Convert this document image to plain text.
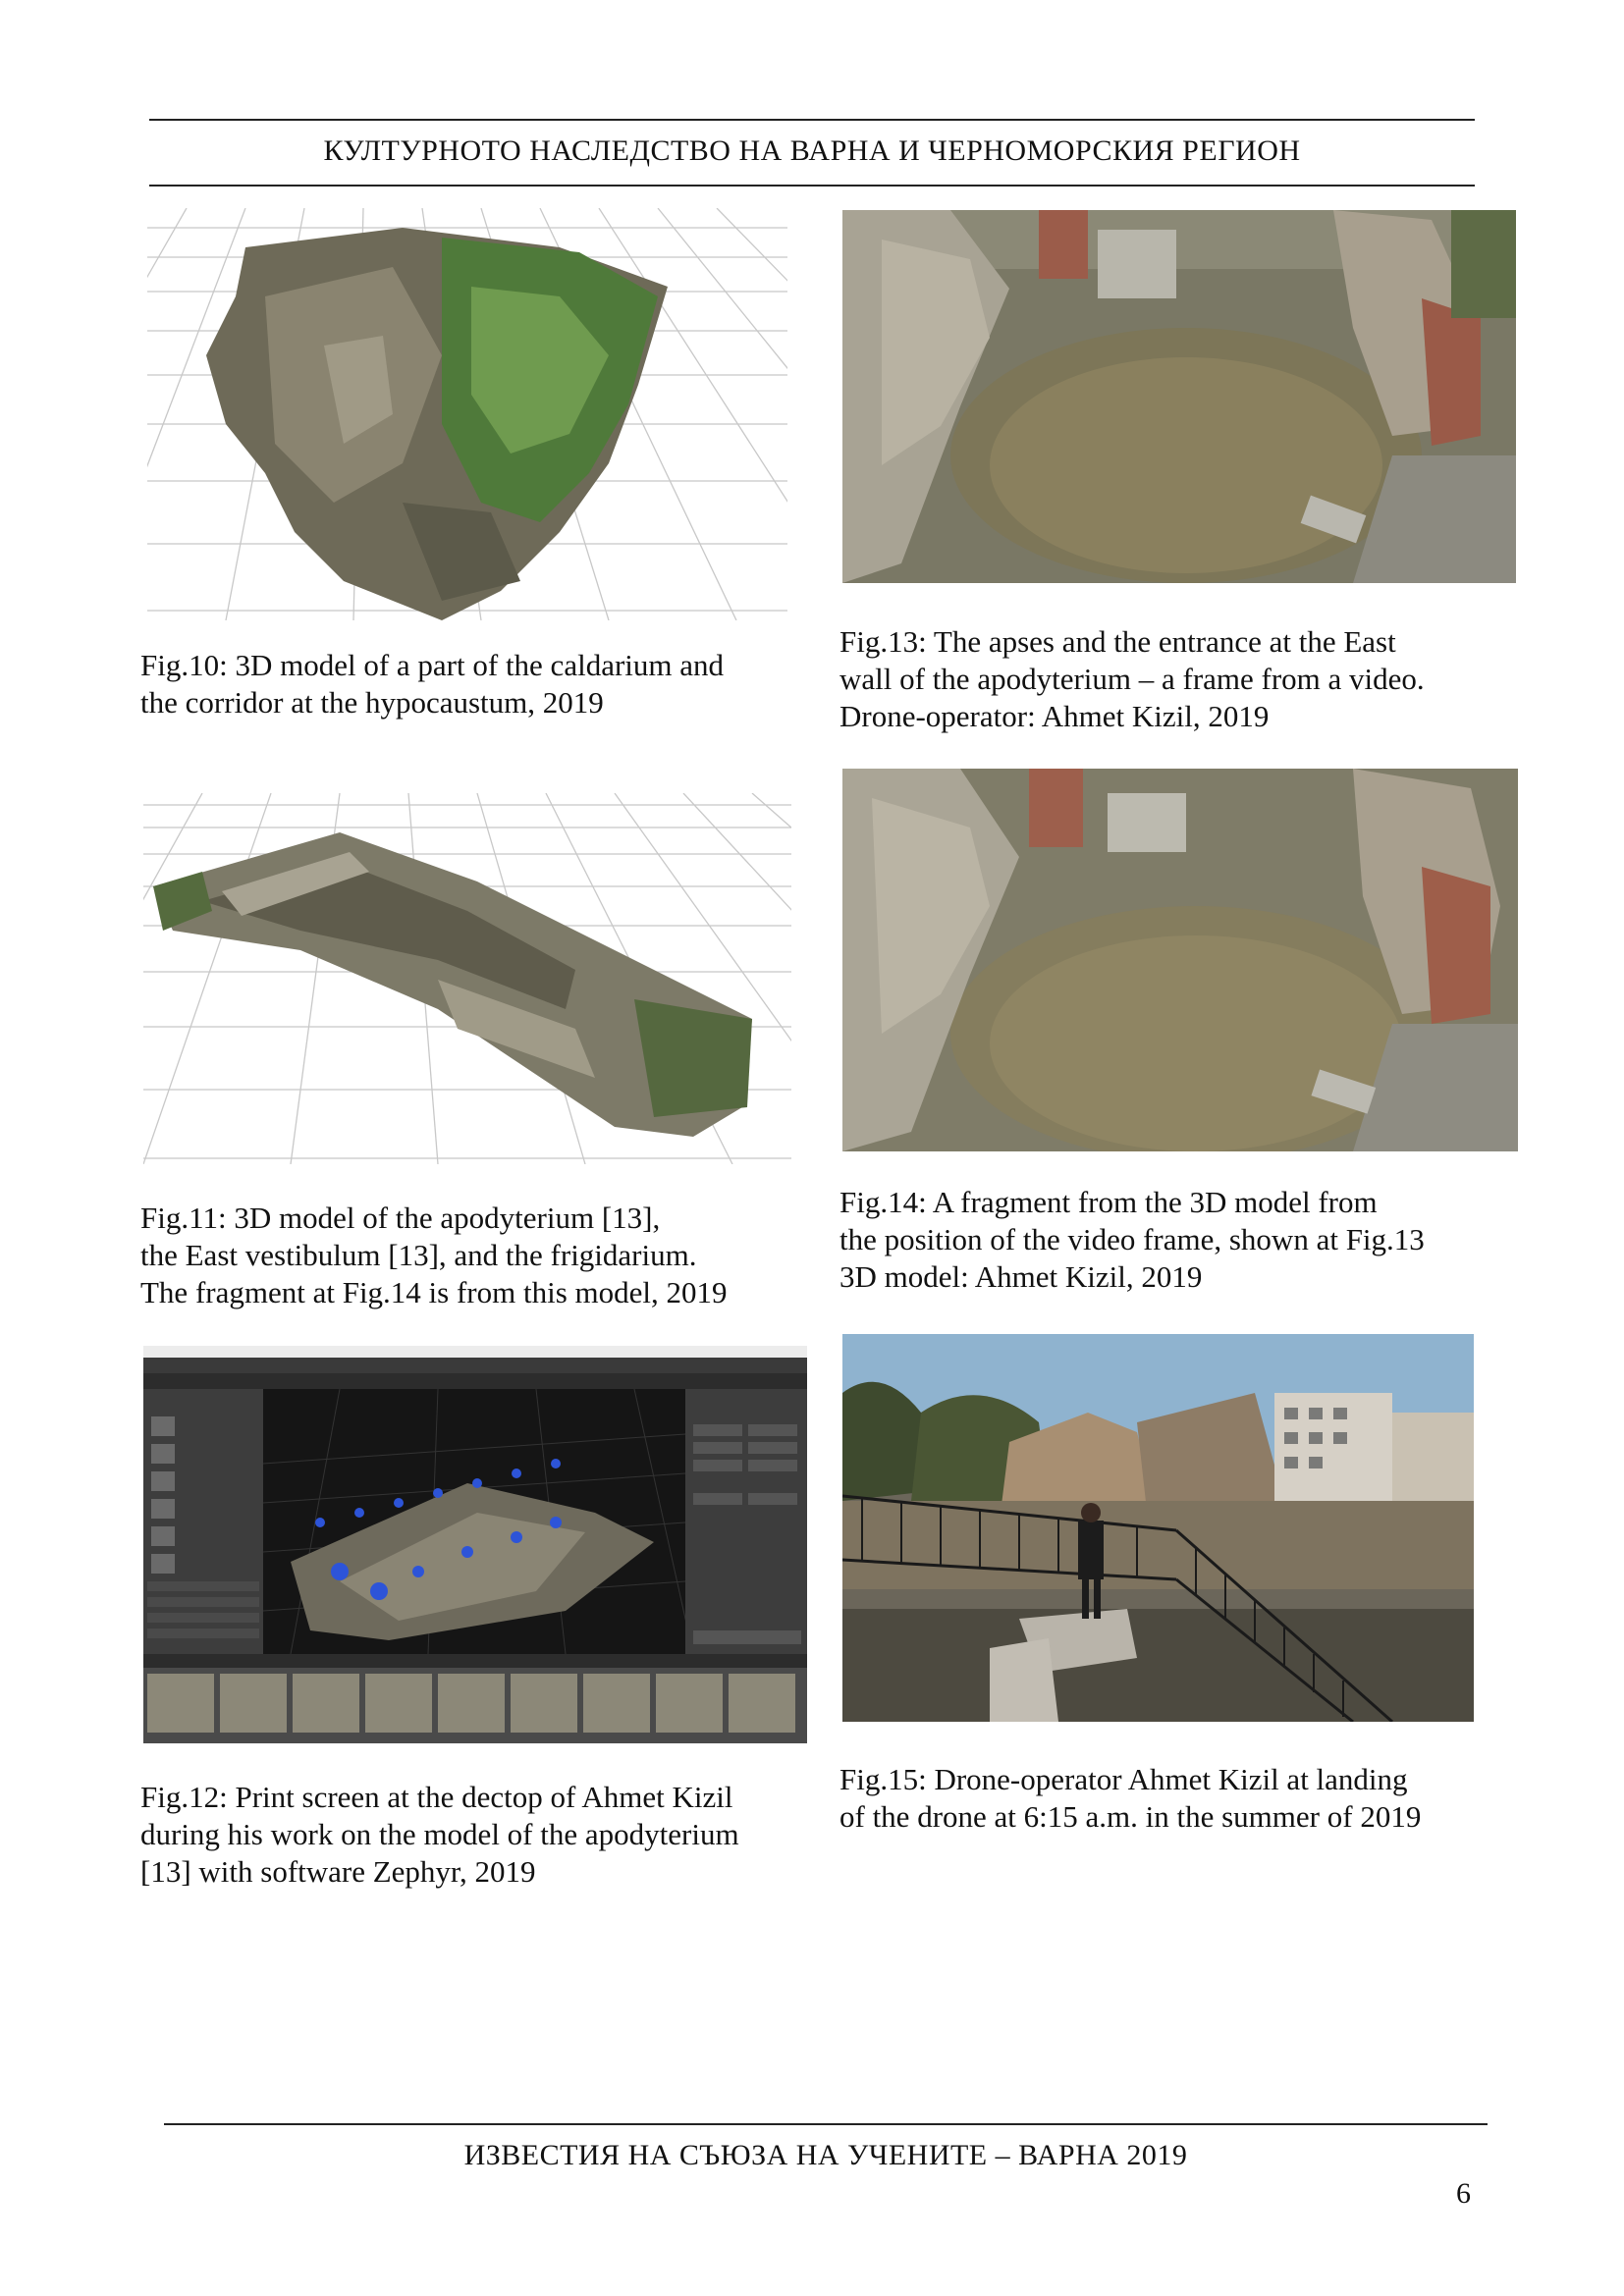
КУЛТУРНОТО НАСЛЕДСТВО НА ВАРНА И ЧЕРНОМОРСКИЯ РЕГИОН
Fig.10: 3D model of a part of the caldarium and
the corridor at the hypocaustum, 2019
Fig.13: The apses and the entrance at the East
wall of the apodyterium – a frame from a video.
Drone-operator: Ahmet Kizil, 2019
Fig.11: 3D model of the apodyterium [13],
the East vestibulum [13], and the frigidarium.
The fragment at Fig.14 is from this model, 2019
Fig.14: A fragment from the 3D model from
the position of the video frame, shown at Fig.13
3D model: Ahmet Kizil, 2019
Fig.12: Print screen at the dectop of Ahmet Kizil
during his work on the model of the apodyterium
[13] with software Zephyr, 2019
Fig.15: Drone-operator Ahmet Kizil at landing
of the drone at 6:15 a.m. in the summer of 2019
ИЗВЕСТИЯ НА СЪЮЗА НА УЧЕНИТЕ – ВАРНА 2019
6
